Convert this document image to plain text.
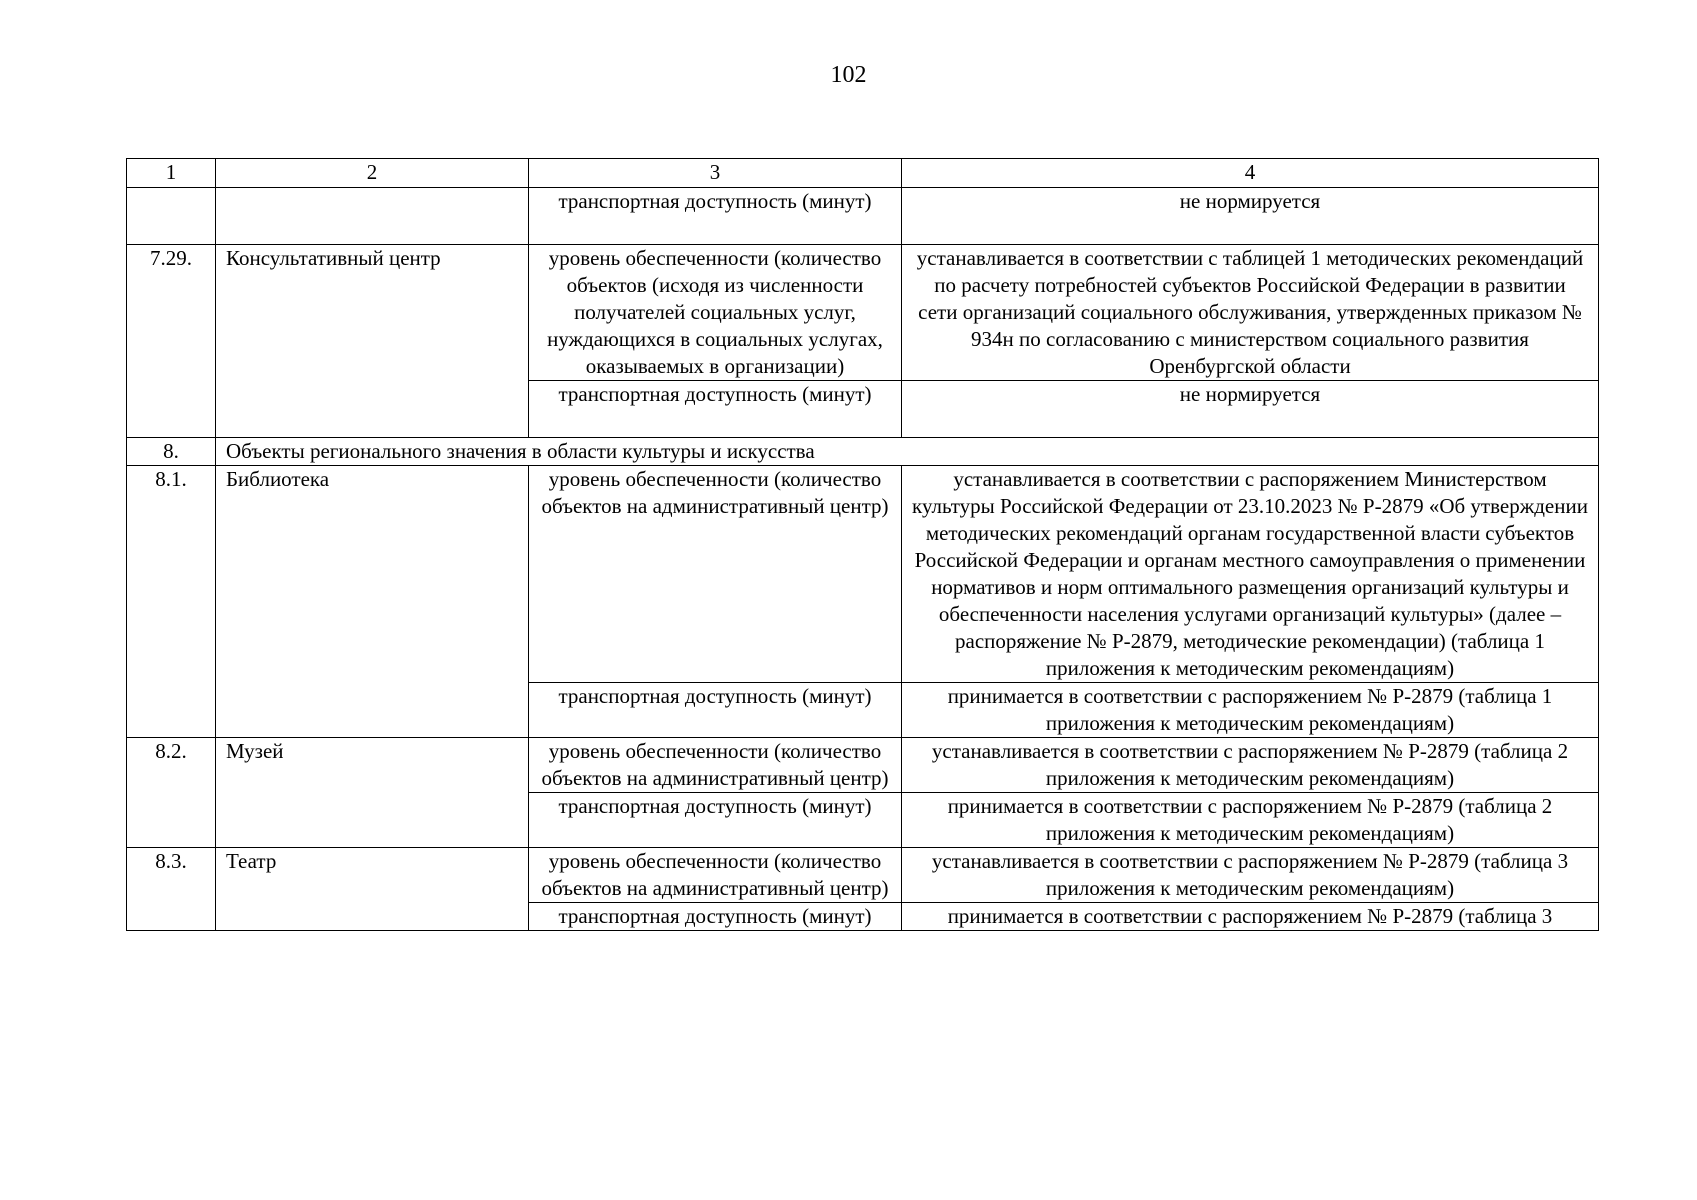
102
1	2	3	4
		транспортная доступность (минут)	не нормируется
7.29.	Консультативный центр	уровень обеспеченности (количество объектов (исходя из численности получателей социальных услуг, нуждающихся в социальных услугах, оказываемых в организации)	устанавливается в соответствии с таблицей 1 методических рекомендаций по расчету потребностей субъектов Российской Федерации в развитии сети организаций социального обслуживания, утвержденных приказом № 934н по согласованию с министерством социального развития Оренбургской области
		транспортная доступность (минут)	не нормируется
8.	Объекты регионального значения в области культуры и искусства		
8.1.	Библиотека	уровень обеспеченности (количество объектов на административный центр)	устанавливается в соответствии с распоряжением Министерством культуры Российской Федерации от 23.10.2023 № Р-2879 «Об утверждении методических рекомендаций органам государственной власти субъектов Российской Федерации и органам местного самоуправления о применении нормативов и норм оптимального размещения организаций культуры и обеспеченности населения услугами организаций культуры» (далее – распоряжение № Р-2879, методические рекомендации) (таблица 1 приложения к методическим рекомендациям)
		транспортная доступность (минут)	принимается в соответствии с распоряжением № Р-2879 (таблица 1 приложения к методическим рекомендациям)
8.2.	Музей	уровень обеспеченности (количество объектов на административный центр)	устанавливается в соответствии с распоряжением № Р-2879 (таблица 2 приложения к методическим рекомендациям)
		транспортная доступность (минут)	принимается в соответствии с распоряжением № Р-2879 (таблица 2 приложения к методическим рекомендациям)
8.3.	Театр	уровень обеспеченности (количество объектов на административный центр)	устанавливается в соответствии с распоряжением № Р-2879 (таблица 3 приложения к методическим рекомендациям)
		транспортная доступность (минут)	принимается в соответствии с распоряжением № Р-2879 (таблица 3
